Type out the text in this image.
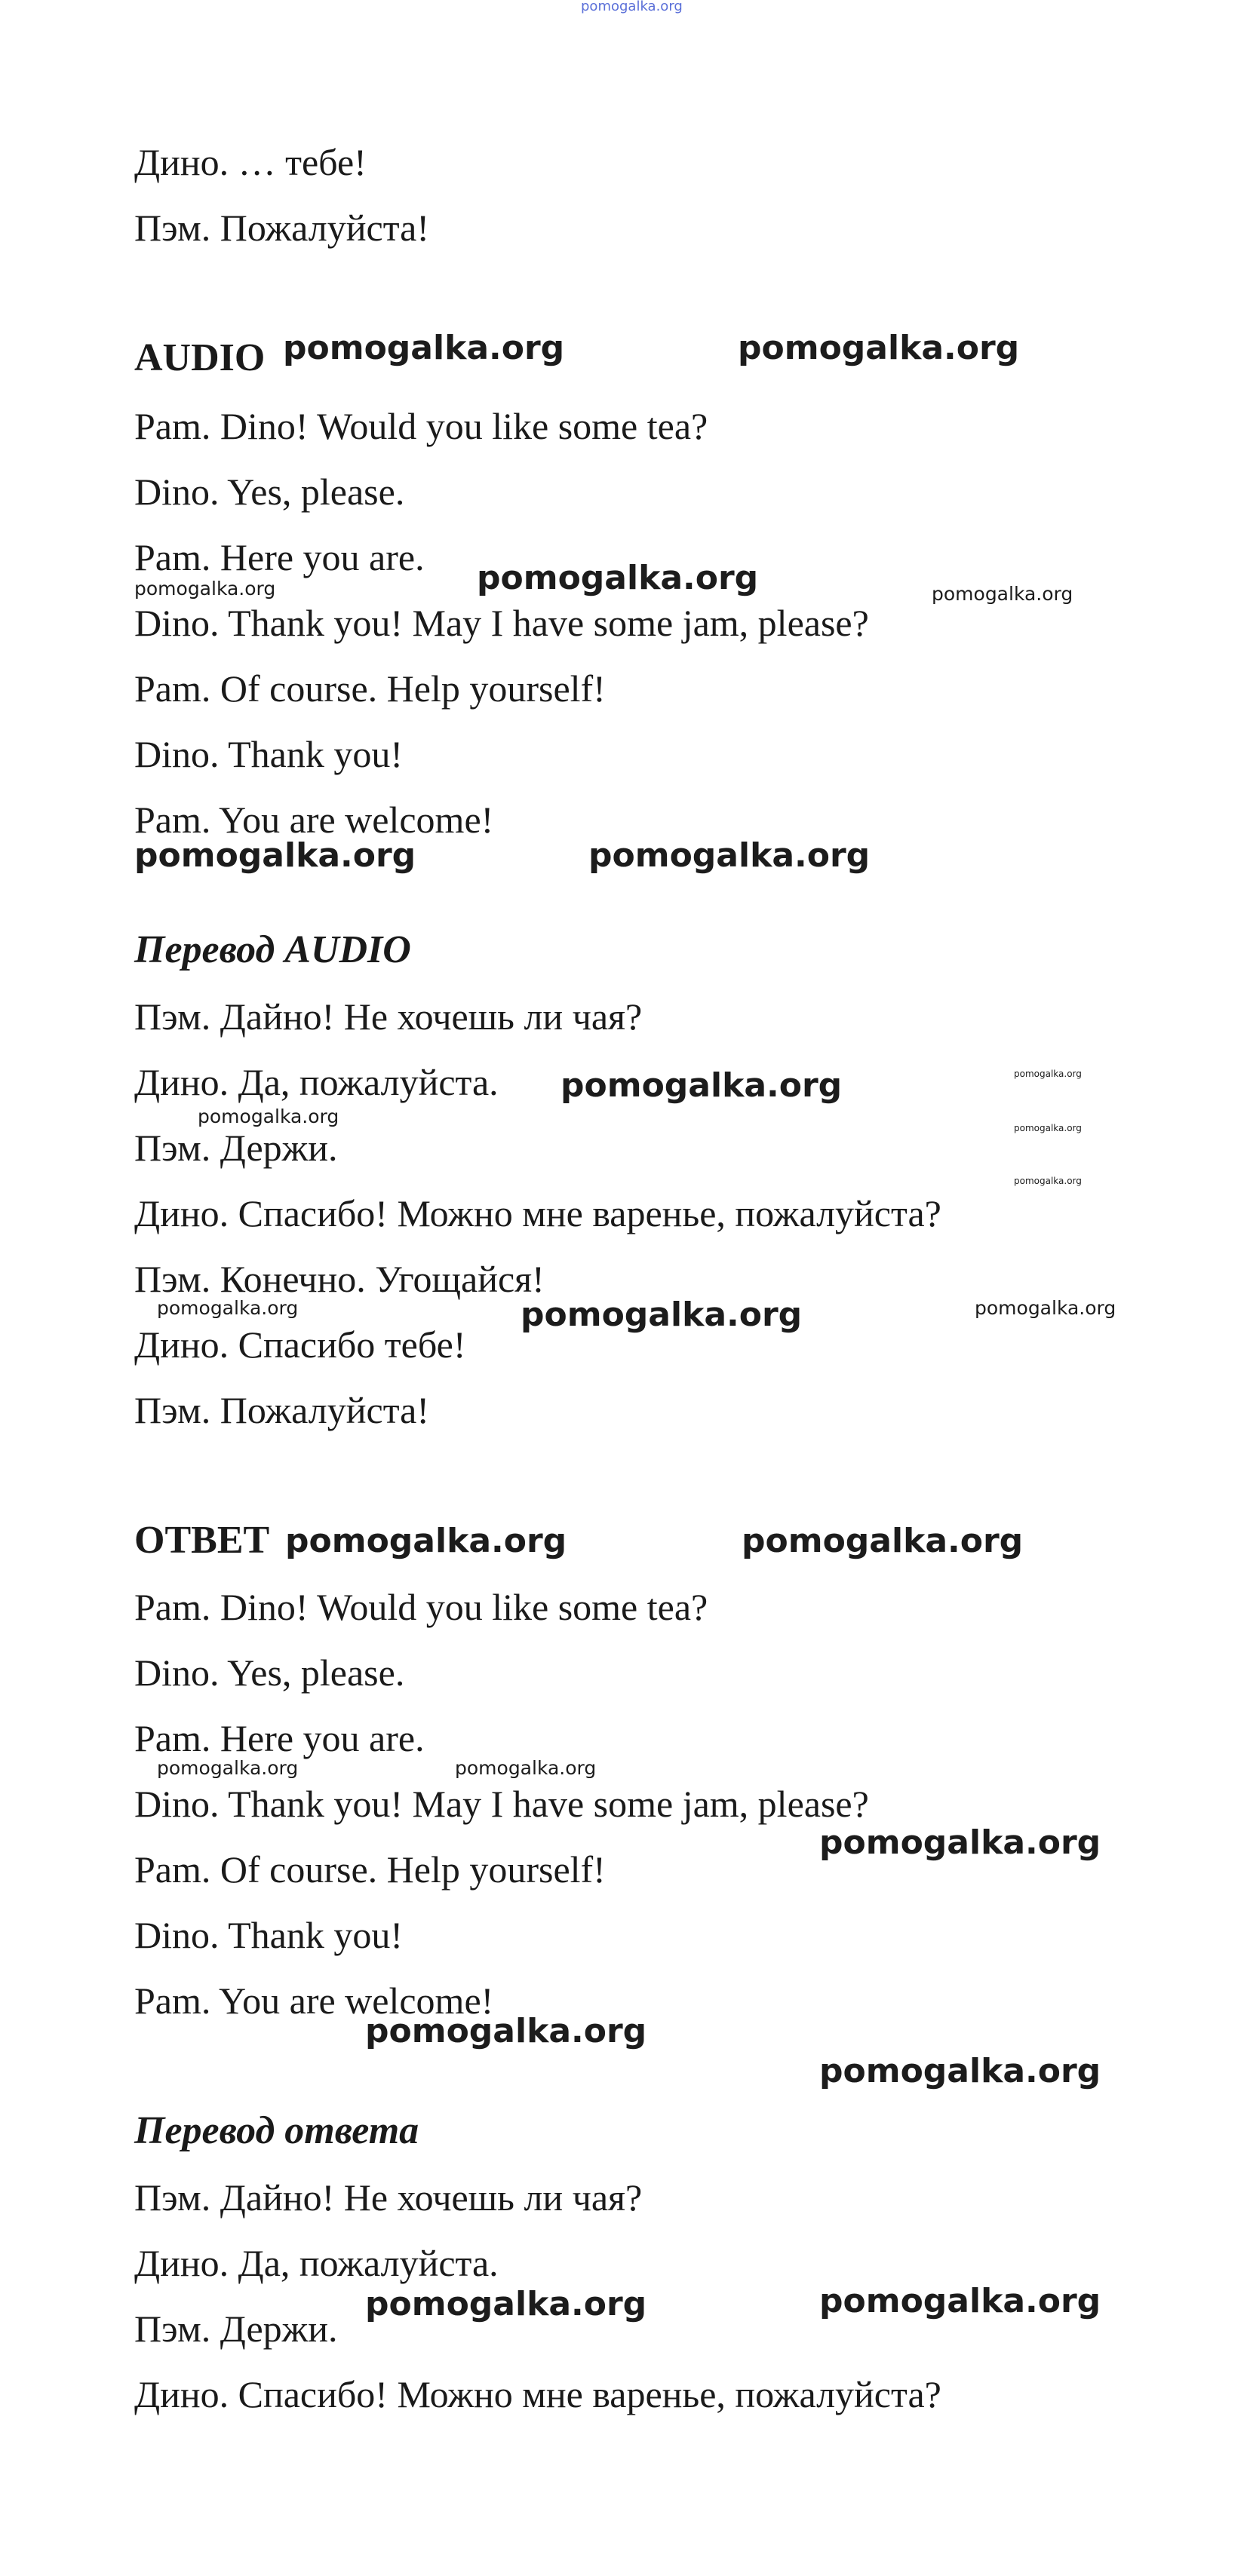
pomogalka.org
Дино. … тебе!
Пэм. Пожалуйста!
AUDIO
Pam. Dino! Would you like some tea?
Dino. Yes, please.
Pam. Here you are.
Dino. Thank you! May I have some jam, please?
Pam. Of course. Help yourself!
Dino. Thank you!
Pam. You are welcome!
Перевод AUDIO
Пэм. Дайно! Не хочешь ли чая?
Дино. Да, пожалуйста.
Пэм. Держи.
Дино. Спасибо! Можно мне варенье, пожалуйста?
Пэм. Конечно. Угощайся!
Дино. Спасибо тебе!
Пэм. Пожалуйста!
ОТВЕТ
Pam. Dino! Would you like some tea?
Dino. Yes, please.
Pam. Here you are.
Dino. Thank you! May I have some jam, please?
Pam. Of course. Help yourself!
Dino. Thank you!
Pam. You are welcome!
Перевод ответа
Пэм. Дайно! Не хочешь ли чая?
Дино. Да, пожалуйста.
Пэм. Держи.
Дино. Спасибо! Можно мне варенье, пожалуйста?
pomogalka.org	pomogalka.org
pomogalka.org
pomogalka.org	pomogalka.org
pomogalka.org	pomogalka.org
pomogalka.org
pomogalka.org
pomogalka.org
pomogalka.org
pomogalka.org
pomogalka.org	pomogalka.org	pomogalka.org
pomogalka.org	pomogalka.org
pomogalka.org	pomogalka.org
pomogalka.org
pomogalka.org
pomogalka.org
pomogalka.org	pomogalka.org
